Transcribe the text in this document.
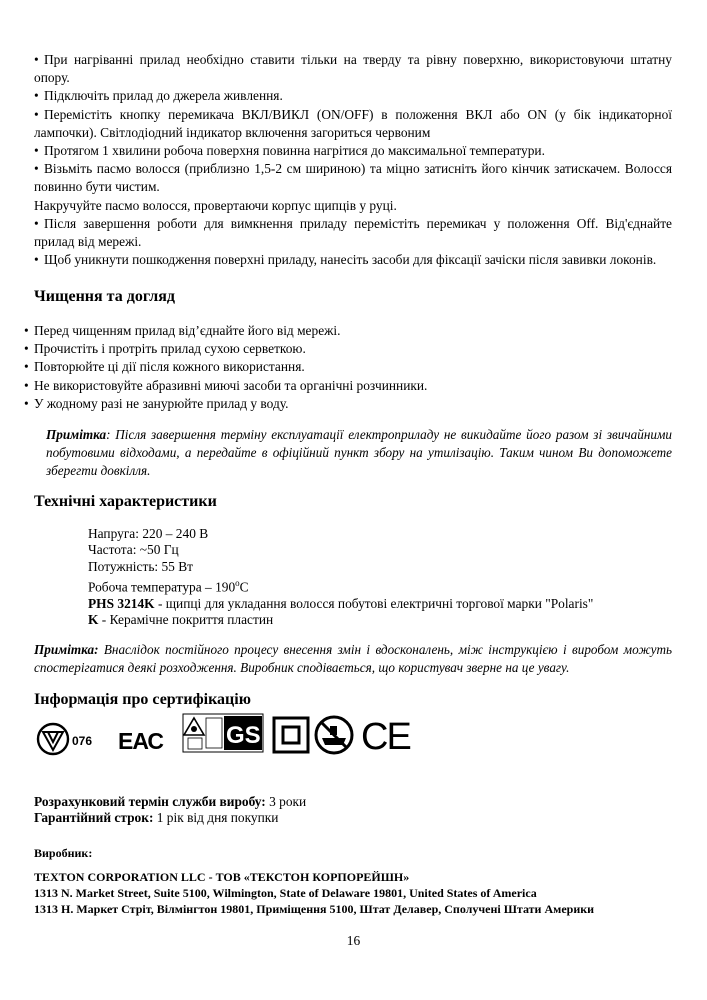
• При нагріванні прилад необхідно ставити тільки на тверду та рівну поверхню, використовуючи штатну опору.
• Підключіть прилад до джерела живлення.
• Перемістіть кнопку перемикача ВКЛ/ВИКЛ (ON/OFF) в положення ВКЛ або ON (у бік індикаторної лампочки). Світлодіодний індикатор включення загориться червоним
• Протягом 1 хвилини робоча поверхня повинна нагрітися до максимальної температури.
• Візьміть пасмо волосся (приблизно 1,5-2 см шириною) та міцно затисніть його кінчик затискачем. Волосся повинно бути чистим.
Накручуйте пасмо волосся, провертаючи корпус щипців у руці.
• Після завершення роботи для вимкнення приладу перемістіть перемикач у положення Off. Від'єднайте прилад від мережі.
• Щоб уникнути пошкодження поверхні приладу, нанесіть засоби для фіксації зачіски після завивки локонів.
Чищення та догляд

• Перед чищенням прилад від’єднайте його від мережі.

• Прочистіть і протріть прилад сухою серветкою.

• Повторюйте ці дії після кожного використання.

• Не використовуйте абразивні миючі засоби та органічні розчинники.

• У жодному разі не занурюйте прилад у воду.

Примітка: Після завершення терміну експлуатації електроприладу не викидайте його разом зі звичайними побутовими відходами, а передайте в офіційний пункт збору на утилізацію. Таким чином Ви допоможете зберегти довкілля.
Технічні характеристики
Напруга: 220 – 240 В
Частота: ~50 Гц
Потужність: 55 Вт
Робоча температура – $190^оС$
PHS 3214K - щипці для укладання волосся побутові електричні торгової марки "Polaris"
K - Керамічне покриття пластин
Примітка: Внаслідок постійного процесу внесення змін і вдосконалень, між інструкцією і виробом можуть спостерігатися деякі розходження. Виробник сподівається, що користувач зверне на це увагу.
Інформація про сертифікацію
076 ЕАС	GS	CE
Розрахунковий термін служби виробу: 3 роки
Гарантійний строк: 1 рік від дня покупки
Виробник:
TEXTON CORPORATION LLC - ТОВ «ТЕКСТОН КОРПОРЕЙШН»
1313 N. Market Street, Suite 5100, Wilmington, State of Delaware 19801, United States of America
1313 Н. Маркет Стріт, Вілмінгтон 19801, Приміщення 5100, Штат Делавер, Сполучені Штати Америки
16
